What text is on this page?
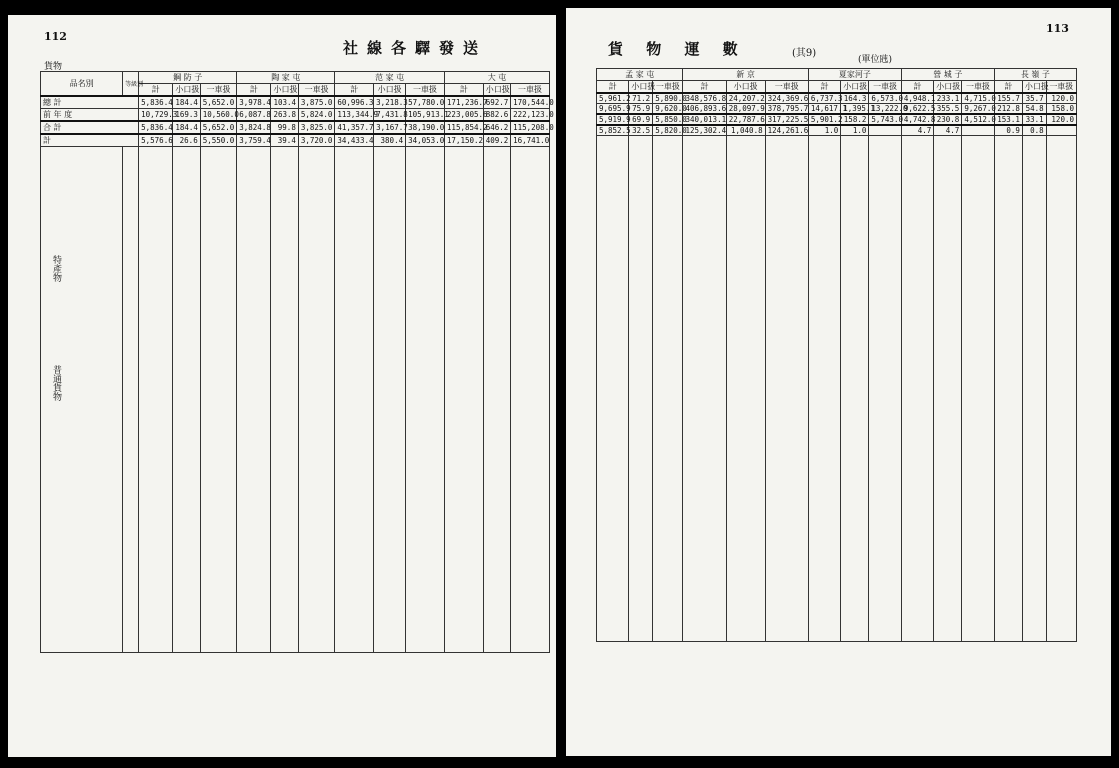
112
社線各驛發送
貨物
品名別	等級別	鋼 防 子			陶 家 屯			范 家 屯			大 屯		
		計	小口扱	一車扱	計	小口扱	一車扱	計	小口扱	一車扱	計	小口扱	一車扱
總 計		5,836.4	184.4	5,652.0	3,978.4	103.4	3,875.0	60,996.3	3,218.3	57,780.0	171,236.7	692.7	170,544.0
前 年 度		10,729.3	169.3	10,560.0	6,087.8	263.8	5,824.0	113,344.9	7,431.8	105,913.1	223,005.6	882.6	222,123.0
合 計		5,836.4	184.4	5,652.0	3,824.8	99.8	3,825.0	41,357.7	3,167.7	38,190.0	115,854.2	646.2	115,208.0
計		5,576.6	26.6	5,550.0	3,759.4	39.4	3,720.0	34,433.4	380.4	34,053.0	17,150.2	409.2	16,741.0

特產物
普通貨物
113
貨 物 運 數	(其9)
(單位瓲)
孟 家 屯			新 京			夏家河子			營 城 子			長 嶺 子		
計	小口扱	一車扱	計	小口扱	一車扱	計	小口扱	一車扱	計	小口扱	一車扱	計	小口扱	一車扱
5,961.2	71.2	5,890.0	348,576.8	24,207.2	324,369.6	6,737.3	164.3	6,573.0	4,948.1	233.1	4,715.0	155.7	35.7	120.0
9,695.9	75.9	9,620.0	406,893.6	28,097.9	378,795.7	14,617.1	1,395.1	13,222.0	9,622.5	355.5	9,267.0	212.8	54.8	158.0
5,919.9	69.9	5,850.0	340,013.1	22,787.6	317,225.5	5,901.2	158.2	5,743.0	4,742.8	230.8	4,512.0	153.1	33.1	120.0
5,852.5	32.5	5,820.0	125,302.4	1,040.8	124,261.6	1.0	1.0		4.7	4.7		0.9	0.8	
